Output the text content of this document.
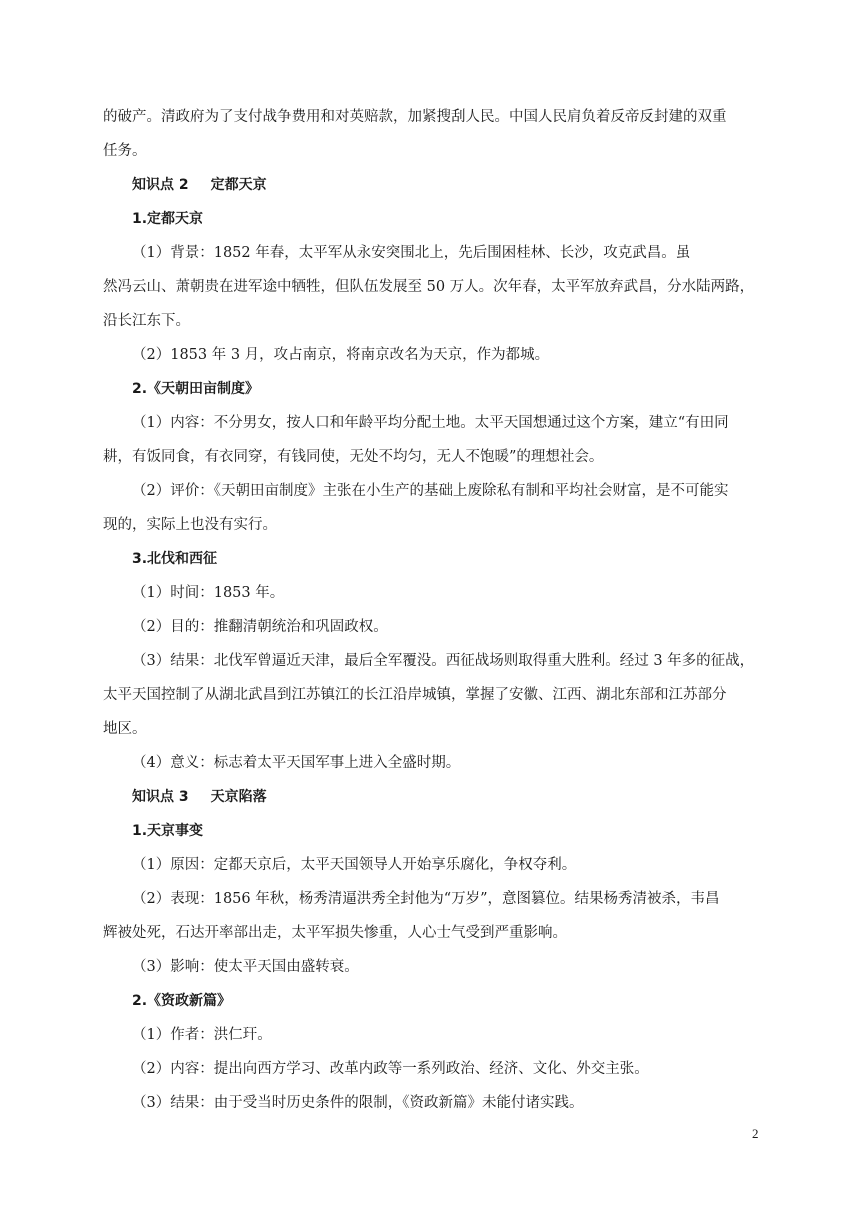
的破产。清政府为了支付战争费用和对英赔款，加紧搜刮人民。中国人民肩负着反帝反封建的双重
任务。
知识点 2 定都天京
1.定都天京
（1）背景：1852 年春，太平军从永安突围北上，先后围困桂林、长沙，攻克武昌。虽
然冯云山、萧朝贵在进军途中牺牲，但队伍发展至 50 万人。次年春，太平军放弃武昌，分水陆两路，
沿长江东下。
（2）1853 年 3 月，攻占南京，将南京改名为天京，作为都城。
2.《天朝田亩制度》
（1）内容：不分男女，按人口和年龄平均分配土地。太平天国想通过这个方案，建立“有田同
耕，有饭同食，有衣同穿，有钱同使，无处不均匀，无人不饱暖”的理想社会。
（2）评价：《天朝田亩制度》主张在小生产的基础上废除私有制和平均社会财富，是不可能实
现的，实际上也没有实行。
3.北伐和西征
（1）时间：1853 年。
（2）目的：推翻清朝统治和巩固政权。
（3）结果：北伐军曾逼近天津，最后全军覆没。西征战场则取得重大胜利。经过 3 年多的征战，
太平天国控制了从湖北武昌到江苏镇江的长江沿岸城镇，掌握了安徽、江西、湖北东部和江苏部分
地区。
（4）意义：标志着太平天国军事上进入全盛时期。
知识点 3 天京陷落
1.天京事变
（1）原因：定都天京后，太平天国领导人开始享乐腐化，争权夺利。
（2）表现：1856 年秋，杨秀清逼洪秀全封他为“万岁”，意图篡位。结果杨秀清被杀，韦昌
辉被处死，石达开率部出走，太平军损失惨重，人心士气受到严重影响。
（3）影响：使太平天国由盛转衰。
2.《资政新篇》
（1）作者：洪仁玕。
（2）内容：提出向西方学习、改革内政等一系列政治、经济、文化、外交主张。
（3）结果：由于受当时历史条件的限制，《资政新篇》未能付诸实践。
2
